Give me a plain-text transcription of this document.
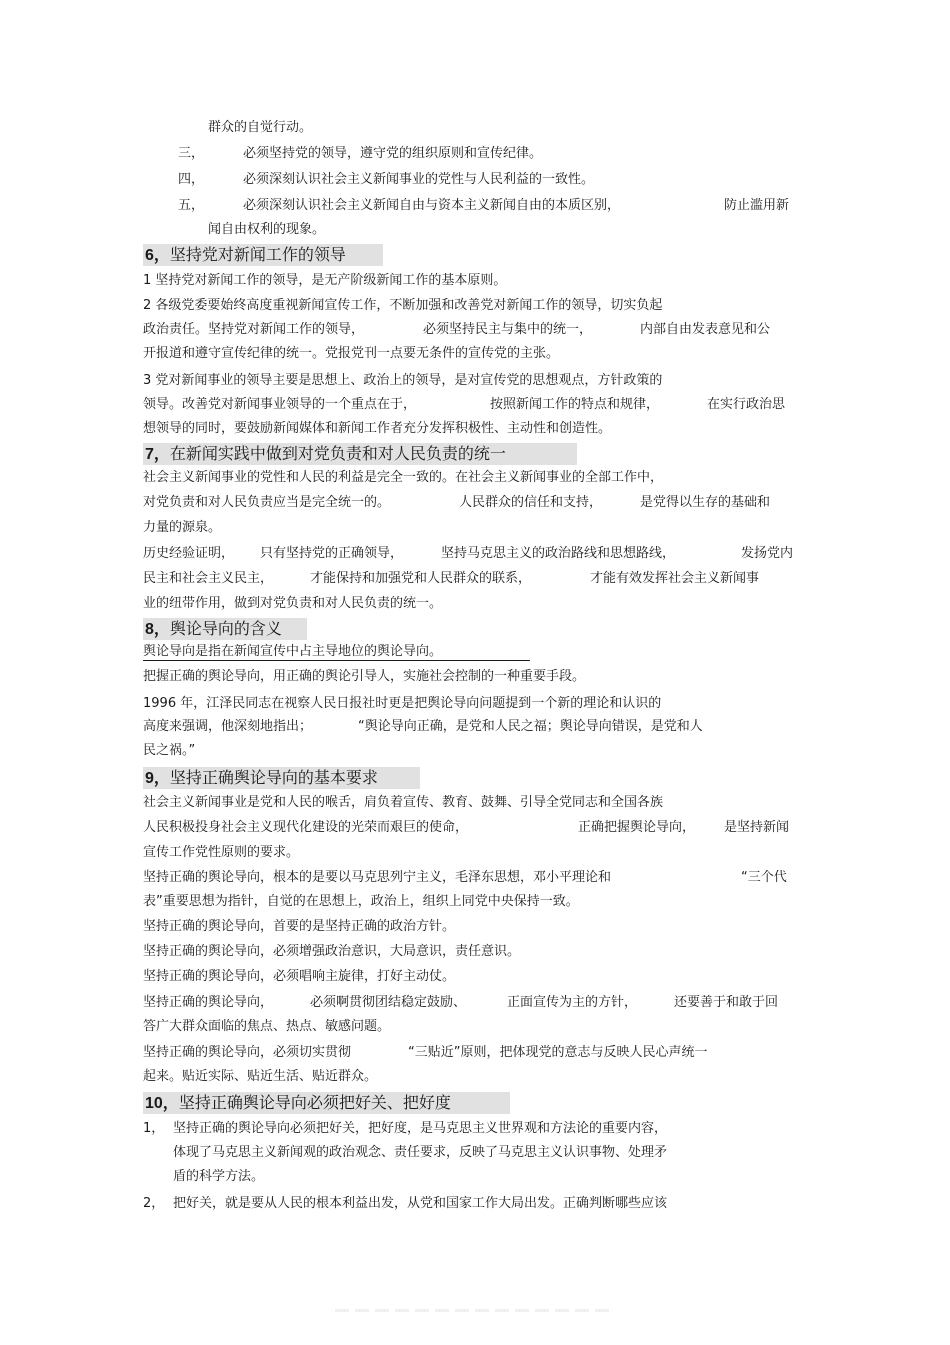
群众的自觉行动。
三，	必须坚持党的领导，遵守党的组织原则和宣传纪律。
四，	必须深刻认识社会主义新闻事业的党性与人民利益的一致性。
五，	必须深刻认识社会主义新闻自由与资本主义新闻自由的本质区别，	防止滥用新
闻自由权利的现象。
6，坚持党对新闻工作的领导
1 坚持党对新闻工作的领导，是无产阶级新闻工作的基本原则。
2 各级党委要始终高度重视新闻宣传工作，不断加强和改善党对新闻工作的领导，切实负起
政治责任。坚持党对新闻工作的领导，	必须坚持民主与集中的统一，	内部自由发表意见和公
开报道和遵守宣传纪律的统一。党报党刊一点要无条件的宣传党的主张。
3 党对新闻事业的领导主要是思想上、政治上的领导，是对宣传党的思想观点，方针政策的
领导。改善党对新闻事业领导的一个重点在于，	按照新闻工作的特点和规律，	在实行政治思
想领导的同时，要鼓励新闻媒体和新闻工作者充分发挥积极性、主动性和创造性。
7，在新闻实践中做到对党负责和对人民负责的统一
社会主义新闻事业的党性和人民的利益是完全一致的。在社会主义新闻事业的全部工作中，
对党负责和对人民负责应当是完全统一的。	人民群众的信任和支持，	是党得以生存的基础和
力量的源泉。
历史经验证明， 只有坚持党的正确领导，	坚持马克思主义的政治路线和思想路线，	发扬党内
民主和社会主义民主，	才能保持和加强党和人民群众的联系，	才能有效发挥社会主义新闻事
业的纽带作用，做到对党负责和对人民负责的统一。
8，舆论导向的含义
舆论导向是指在新闻宣传中占主导地位的舆论导向。
把握正确的舆论导向，用正确的舆论引导人，实施社会控制的一种重要手段。
1996 年，江泽民同志在视察人民日报社时更是把舆论导向问题提到一个新的理论和认识的
高度来强调，他深刻地指出；	“舆论导向正确，是党和人民之福；舆论导向错误，是党和人
民之祸。”
9，坚持正确舆论导向的基本要求
社会主义新闻事业是党和人民的喉舌，肩负着宣传、教育、鼓舞、引导全党同志和全国各族
人民积极投身社会主义现代化建设的光荣而艰巨的使命，	正确把握舆论导向， 是坚持新闻
宣传工作党性原则的要求。
坚持正确的舆论导向，根本的是要以马克思列宁主义，毛泽东思想，邓小平理论和	“三个代
表”重要思想为指针，自觉的在思想上，政治上，组织上同党中央保持一致。
坚持正确的舆论导向，首要的是坚持正确的政治方针。
坚持正确的舆论导向，必须增强政治意识，大局意识，责任意识。
坚持正确的舆论导向，必须唱响主旋律，打好主动仗。
坚持正确的舆论导向，	必须啊贯彻团结稳定鼓励、	正面宣传为主的方针，	还要善于和敢于回
答广大群众面临的焦点、热点、敏感问题。
坚持正确的舆论导向，必须切实贯彻	“三贴近”原则，把体现党的意志与反映人民心声统一
起来。贴近实际、贴近生活、贴近群众。
10，坚持正确舆论导向必须把好关、把好度
1， 坚持正确的舆论导向必须把好关，把好度，是马克思主义世界观和方法论的重要内容，
体现了马克思主义新闻观的政治观念、责任要求，反映了马克思主义认识事物、处理矛
盾的科学方法。
2， 把好关，就是要从人民的根本利益出发，从党和国家工作大局出发。正确判断哪些应该
